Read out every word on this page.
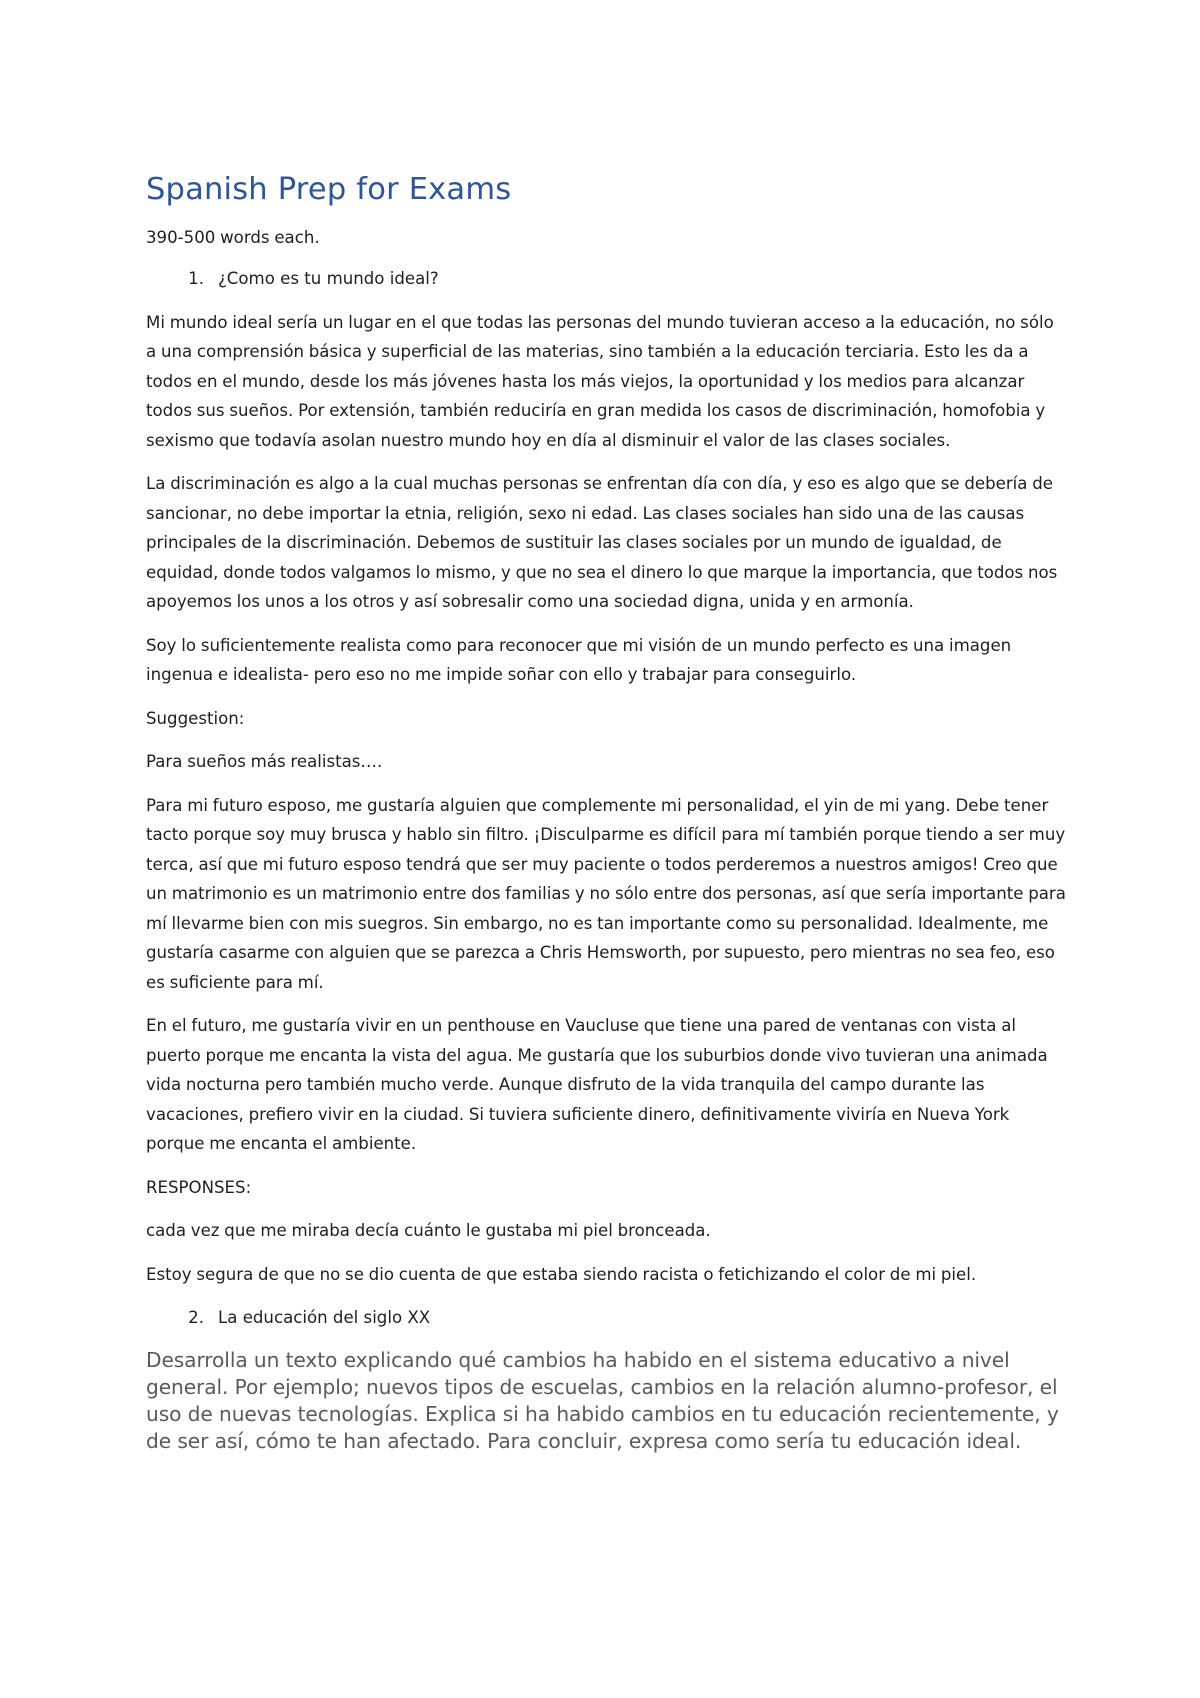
Spanish Prep for Exams

390-500 words each.

1. ¿Como es tu mundo ideal?

Mi mundo ideal sería un lugar en el que todas las personas del mundo tuvieran acceso a la educación, no sólo a una comprensión básica y superficial de las materias, sino también a la educación terciaria. Esto les da a todos en el mundo, desde los más jóvenes hasta los más viejos, la oportunidad y los medios para alcanzar todos sus sueños. Por extensión, también reduciría en gran medida los casos de discriminación, homofobia y sexismo que todavía asolan nuestro mundo hoy en día al disminuir el valor de las clases sociales.

La discriminación es algo a la cual muchas personas se enfrentan día con día, y eso es algo que se debería de sancionar, no debe importar la etnia, religión, sexo ni edad. Las clases sociales han sido una de las causas principales de la discriminación. Debemos de sustituir las clases sociales por un mundo de igualdad, de equidad, donde todos valgamos lo mismo, y que no sea el dinero lo que marque la importancia, que todos nos apoyemos los unos a los otros y así sobresalir como una sociedad digna, unida y en armonía.

Soy lo suficientemente realista como para reconocer que mi visión de un mundo perfecto es una imagen ingenua e idealista- pero eso no me impide soñar con ello y trabajar para conseguirlo.

Suggestion:

Para sueños más realistas….

Para mi futuro esposo, me gustaría alguien que complemente mi personalidad, el yin de mi yang. Debe tener tacto porque soy muy brusca y hablo sin filtro. ¡Disculparme es difícil para mí también porque tiendo a ser muy terca, así que mi futuro esposo tendrá que ser muy paciente o todos perderemos a nuestros amigos! Creo que un matrimonio es un matrimonio entre dos familias y no sólo entre dos personas, así que sería importante para mí llevarme bien con mis suegros. Sin embargo, no es tan importante como su personalidad. Idealmente, me gustaría casarme con alguien que se parezca a Chris Hemsworth, por supuesto, pero mientras no sea feo, eso es suficiente para mí.

En el futuro, me gustaría vivir en un penthouse en Vaucluse que tiene una pared de ventanas con vista al puerto porque me encanta la vista del agua. Me gustaría que los suburbios donde vivo tuvieran una animada vida nocturna pero también mucho verde. Aunque disfruto de la vida tranquila del campo durante las vacaciones, prefiero vivir en la ciudad. Si tuviera suficiente dinero, definitivamente viviría en Nueva York porque me encanta el ambiente.

RESPONSES:

cada vez que me miraba decía cuánto le gustaba mi piel bronceada.

Estoy segura de que no se dio cuenta de que estaba siendo racista o fetichizando el color de mi piel.

2. La educación del siglo XX

Desarrolla un texto explicando qué cambios ha habido en el sistema educativo a nivel general. Por ejemplo; nuevos tipos de escuelas, cambios en la relación alumno-profesor, el uso de nuevas tecnologías. Explica si ha habido cambios en tu educación recientemente, y de ser así, cómo te han afectado. Para concluir, expresa como sería tu educación ideal.
